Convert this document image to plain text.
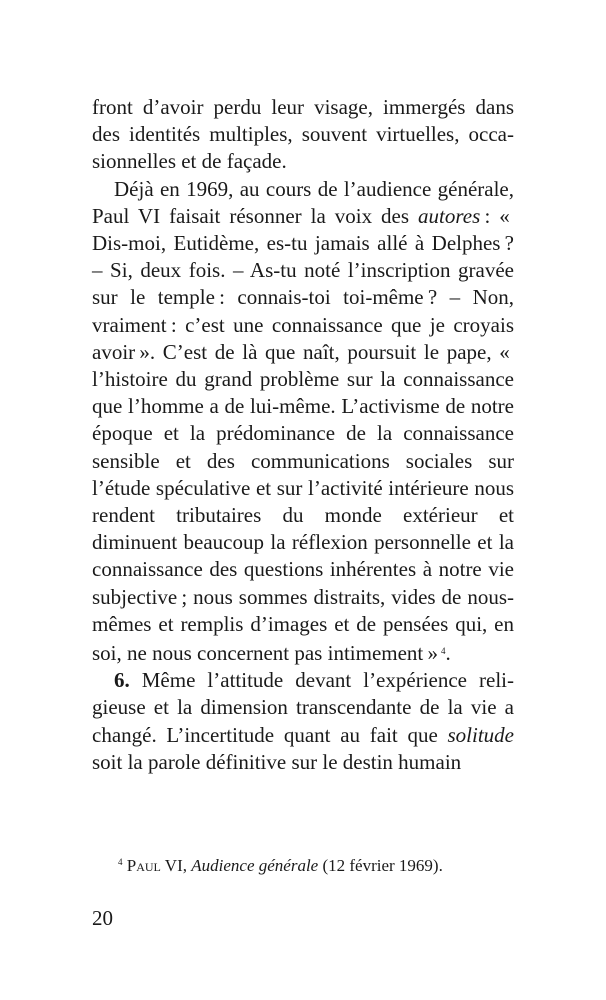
front d’avoir perdu leur visage, immergés dans des identités multiples, souvent virtuelles, occasionnelles et de façade.

Déjà en 1969, au cours de l’audience générale, Paul VI faisait résonner la voix des autores : « Dis-moi, Eutidème, es-tu jamais allé à Delphes ? – Si, deux fois. – As-tu noté l’inscription gravée sur le temple : connais-toi toi-même ? – Non, vraiment : c’est une connaissance que je croyais avoir ». C’est de là que naît, poursuit le pape, « l’histoire du grand problème sur la connaissance que l’homme a de lui-même. L’activisme de notre époque et la prédominance de la connaissance sensible et des communications sociales sur l’étude spéculative et sur l’activité intérieure nous rendent tributaires du monde extérieur et diminuent beaucoup la réflexion personnelle et la connaissance des questions inhérentes à notre vie subjective ; nous sommes distraits, vides de nous-mêmes et remplis d’images et de pensées qui, en soi, ne nous concernent pas intimement » $^4$.

6. Même l’attitude devant l’expérience religieuse et la dimension transcendante de la vie a changé. L’incertitude quant au fait que solitude soit la parole définitive sur le destin humain

$^4$ Paul VI, Audience générale (12 février 1969).
20
